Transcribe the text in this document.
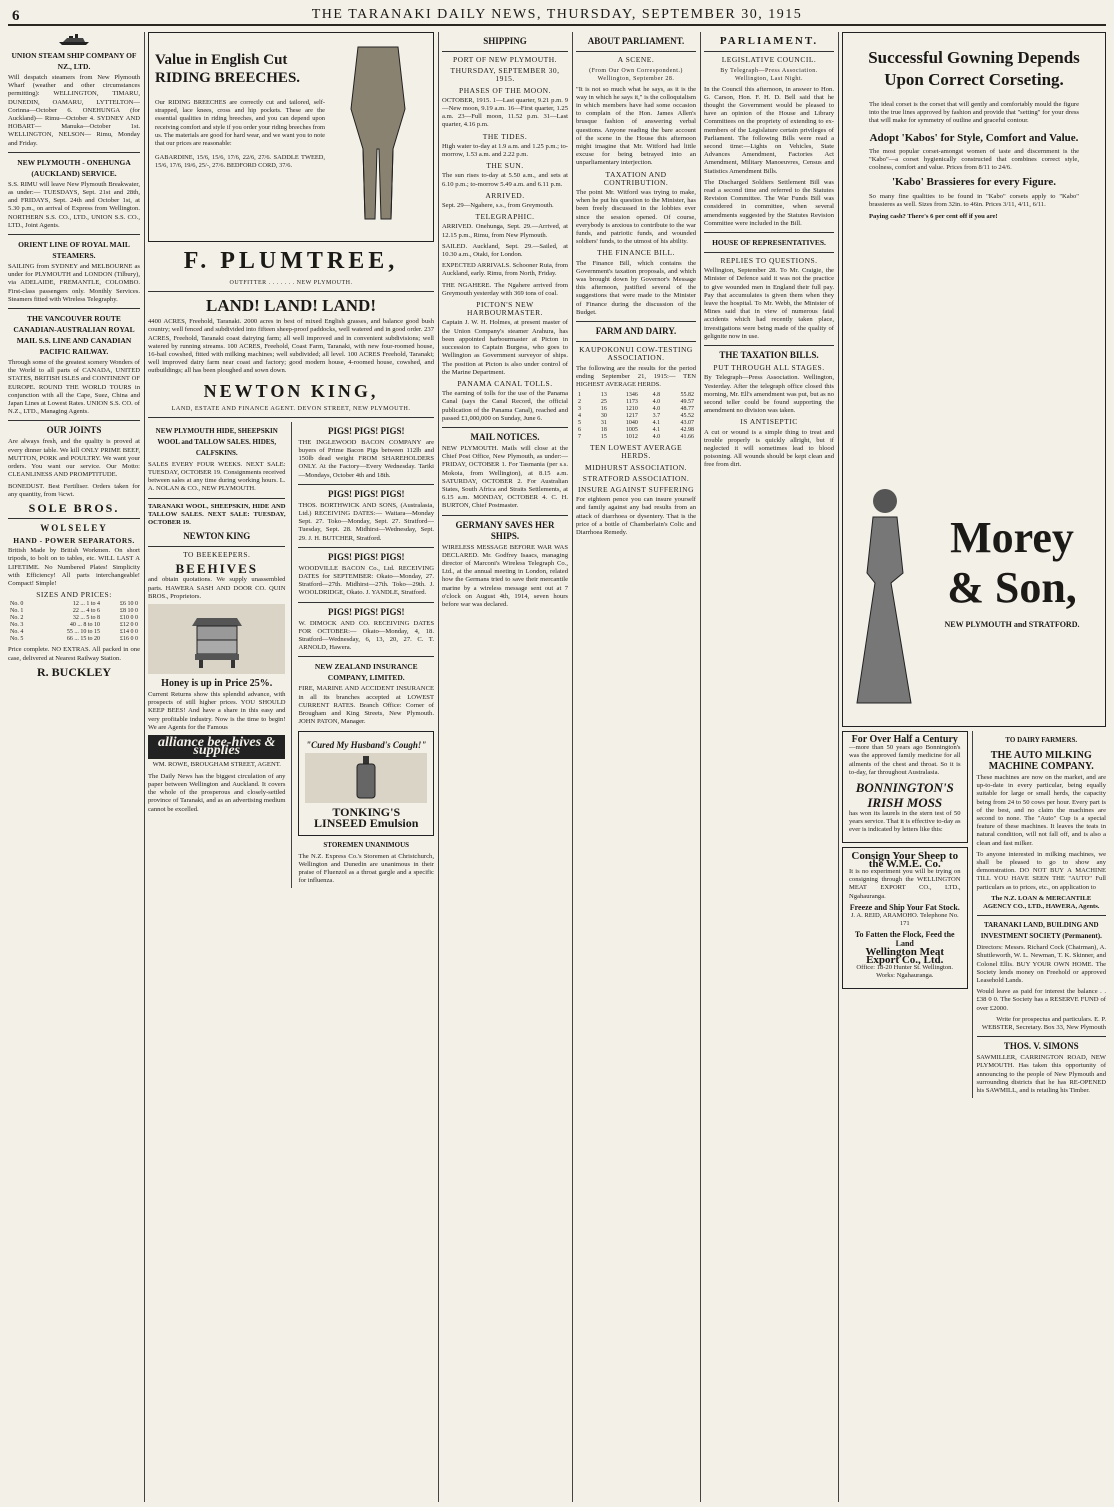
6	THE TARANAKI DAILY NEWS, THURSDAY, SEPTEMBER 30, 1915
UNION STEAM SHIP COMPANY OF NZ., LTD.

Will despatch steamers from New Plymouth Wharf (weather and other circumstances permitting): WELLINGTON, TIMARU, DUNEDIN, OAMARU, LYTTELTON— Corinna—October 6. ONEHUNGA (for Auckland)— Rimu—October 4. SYDNEY AND HOBART— Manuka—October 1st. WELLINGTON, NELSON— Rimu, Monday and Friday.

NEW PLYMOUTH - ONEHUNGA (AUCKLAND) SERVICE.

S.S. RIMU will leave New Plymouth Breakwater, as under:— TUESDAYS, Sept. 21st and 28th, and FRIDAYS, Sept. 24th and October 1st, at 5.30 p.m., on arrival of Express from Wellington. NORTHERN S.S. CO., LTD., UNION S.S. CO., LTD., Joint Agents.

ORIENT LINE OF ROYAL MAIL STEAMERS.

SAILING from SYDNEY and MELBOURNE as under for PLYMOUTH and LONDON (Tilbury), via ADELAIDE, FREMANTLE, COLOMBO. First-class passengers only. Monthly Services. Steamers fitted with Wireless Telegraphy.

THE VANCOUVER ROUTE CANADIAN-AUSTRALIAN ROYAL MAIL S.S. LINE AND CANADIAN PACIFIC RAILWAY.

Through some of the greatest scenery Wonders of the World to all parts of CANADA, UNITED STATES, BRITISH ISLES and CONTINENT OF EUROPE. ROUND THE WORLD TOURS in conjunction with all the Cape, Suez, China and Japan Lines at Lowest Rates. UNION S.S. CO. of N.Z., LTD., Managing Agents.

OUR JOINTS

Are always fresh, and the quality is proved at every dinner table. We kill ONLY PRIME BEEF, MUTTON, PORK and POULTRY. We want your orders. You want our service. Our Motto: CLEANLINESS AND PROMPTITUDE.

BONEDUST. Best Fertiliser. Orders taken for any quantity, from ¼cwt.

SOLE BROS.
WOLSELEY
HAND - POWER SEPARATORS.

British Made by British Workmen. On short tripods, to bolt on to tables, etc. WILL LAST A LIFETIME. No Numbered Plates! Simplicity with Efficiency! All parts interchangeable! Compact! Simple!

SIZES AND PRICES:
No. 0	12 ... 1 to 4	£6 10 0
No. 1	22 ... 4 to 6	£8 10 0
No. 2	32 ... 5 to 8	£10 0 0
No. 3	40 ... 8 to 10	£12 0 0
No. 4	55 ... 10 to 15	£14 0 0
No. 5	66 ... 15 to 20	£16 0 0

Price complete. NO EXTRAS. All packed in one case, delivered at Nearest Railway Station.

R. BUCKLEY
Value in English Cut RIDING BREECHES.

Our RIDING BREECHES are correctly cut and tailored, self-strapped, lace knees, cross and hip pockets. These are the essential qualities in riding breeches, and you can depend upon receiving comfort and style if you order your riding breeches from us. The materials are good for hard wear, and we want you to note that our prices are reasonable:

GABARDINE, 15/6, 15/6, 17/6, 22/6, 27/6. SADDLE TWEED, 15/6, 17/6, 19/6, 25/-, 27/6. BEDFORD CORD, 37/6.

F. PLUMTREE,
OUTFITTER . . . . . . . NEW PLYMOUTH.
LAND! LAND! LAND!

4400 ACRES, Freehold, Taranaki. 2000 acres in best of mixed English grasses, and balance good bush country; well fenced and subdivided into fifteen sheep-proof paddocks, well watered and in good order. 237 ACRES, Freehold, Taranaki coast dairying farm; all well improved and in convenient subdivisions; well watered by running streams. 100 ACRES, Freehold, Coast Farm, Taranaki, with new four-roomed house, 16-bail cowshed, fitted with milking machines; well subdivided; all level. 100 ACRES Freehold, Taranaki; well improved dairy farm near coast and factory; good modern house, 4-roomed house, cowshed, and outbuildings; all has been ploughed and sown down.

NEWTON KING,
LAND, ESTATE AND FINANCE AGENT. DEVON STREET, NEW PLYMOUTH.
NEW PLYMOUTH HIDE, SHEEPSKIN WOOL and TALLOW SALES. HIDES, CALFSKINS.

SALES EVERY FOUR WEEKS. NEXT SALE: TUESDAY, OCTOBER 19. Consignments received between sales at any time during working hours. L. A. NOLAN & CO., NEW PLYMOUTH.

TARANAKI WOOL, SHEEPSKIN, HIDE AND TALLOW SALES. NEXT SALE: TUESDAY, OCTOBER 19.

NEWTON KING
TO BEEKEEPERS.
BEEHIVES

and obtain quotations. We supply unassembled parts. HAWERA SASH AND DOOR CO. QUIN BROS., Proprietors.

Honey is up in Price 25%.

Current Returns show this splendid advance, with prospects of still higher prices. YOU SHOULD KEEP BEES! And have a share in this easy and very profitable industry. Now is the time to begin! We are Agents for the Famous

alliance bee-hives & supplies

WM. ROWE, BROUGHAM STREET, AGENT.

The Daily News has the biggest circulation of any paper between Wellington and Auckland. It covers the whole of the prosperous and closely-settled province of Taranaki, and as an advertising medium cannot be excelled.

PIGS! PIGS! PIGS!

THE INGLEWOOD BACON COMPANY are buyers of Prime Bacon Pigs between 112lb and 150lb dead weight FROM SHAREHOLDERS ONLY. At the Factory—Every Wednesday. Tariki—Mondays, October 4th and 18th.

PIGS! PIGS! PIGS!

THOS. BORTHWICK AND SONS, (Australasia, Ltd.) RECEIVING DATES:— Waitara—Monday Sept. 27. Toko—Monday, Sept. 27. Stratford—Tuesday, Sept. 28. Midhirst—Wednesday, Sept. 29. J. H. BUTCHER, Stratford.

PIGS! PIGS! PIGS!

WOODVILLE BACON Co., Ltd. RECEIVING DATES for SEPTEMBER: Okato—Monday, 27. Stratford—27th. Midhirst—27th. Toko—29th. J. WOOLDRIDGE, Okato. J. YANDLE, Stratford.

PIGS! PIGS! PIGS!

W. DIMOCK AND CO. RECEIVING DATES FOR OCTOBER:— Okato—Monday, 4, 18. Stratford—Wednesday, 6, 13, 20, 27. C. T. ARNOLD, Hawera.

NEW ZEALAND INSURANCE COMPANY, LIMITED.

FIRE, MARINE AND ACCIDENT INSURANCE in all its branches accepted at LOWEST CURRENT RATES. Branch Office: Corner of Brougham and King Streets, New Plymouth. JOHN PATON, Manager.

"Cured My Husband's Cough!"
TONKING'S LINSEED Emulsion
STOREMEN UNANIMOUS

The N.Z. Express Co.'s Storemen at Christchurch, Wellington and Dunedin are unanimous in their praise of Fluenzol as a throat gargle and a specific for influenza.

SHIPPING
PORT OF NEW PLYMOUTH.
THURSDAY, SEPTEMBER 30, 1915.
PHASES OF THE MOON.

OCTOBER, 1915. 1—Last quarter, 9.21 p.m. 9—New moon, 9.19 a.m. 16—First quarter, 1.25 a.m. 23—Full moon, 11.52 p.m. 31—Last quarter, 4.16 p.m.

THE TIDES.

High water to-day at 1.9 a.m. and 1.25 p.m.; to-morrow, 1.53 a.m. and 2.22 p.m.

THE SUN.

The sun rises to-day at 5.50 a.m., and sets at 6.10 p.m.; to-morrow 5.49 a.m. and 6.11 p.m.

ARRIVED.

Sept. 29—Ngahere, s.s., from Greymouth.

TELEGRAPHIC.

ARRIVED. Onehunga, Sept. 29.—Arrived, at 12.15 p.m., Rimu, from New Plymouth.

SAILED. Auckland, Sept. 29.—Sailed, at 10.30 a.m., Otaki, for London.

EXPECTED ARRIVALS. Schooner Ruia, from Auckland, early. Rimu, from North, Friday.

THE NGAHERE. The Ngahere arrived from Greymouth yesterday with 369 tons of coal.

PICTON'S NEW HARBOURMASTER.

Captain J. W. H. Holmes, at present master of the Union Company's steamer Arahura, has been appointed harbourmaster at Picton in succession to Captain Burgess, who goes to Wellington as Government surveyor of ships. The position at Picton is also under control of the Marine Department.

PANAMA CANAL TOLLS.

The earning of tolls for the use of the Panama Canal (says the Canal Record, the official publication of the Panama Canal), reached and passed £1,000,000 on Sunday, June 6.

MAIL NOTICES.

NEW PLYMOUTH. Mails will close at the Chief Post Office, New Plymouth, as under:— FRIDAY, OCTOBER 1. For Tasmania (per s.s. Mokoia, from Wellington), at 8.15 a.m. SATURDAY, OCTOBER 2. For Australian States, South Africa and Straits Settlements, at 6.15 a.m. MONDAY, OCTOBER 4. C. H. BURTON, Chief Postmaster.

GERMANY SAVES HER SHIPS.

WIRELESS MESSAGE BEFORE WAR WAS DECLARED. Mr. Godfrey Isaacs, managing director of Marconi's Wireless Telegraph Co., Ltd., at the annual meeting in London, related how the Germans tried to save their mercantile marine by a wireless message sent out at 7 o'clock on August 4th, 1914, seven hours before war was declared.

ABOUT PARLIAMENT.
A SCENE.
(From Our Own Correspondent.) Wellington, September 28.

"It is not so much what he says, as it is the way in which he says it," is the colloquialism in which members have had some occasion to complain of the Hon. James Allen's brusque fashion of answering verbal questions. Anyone reading the bare account of the scene in the House this afternoon might imagine that Mr. Witford had little excuse for being betrayed into an unparliamentary interjection.

TAXATION AND CONTRIBUTION.

The point Mr. Witford was trying to make, when he put his question to the Minister, has been freely discussed in the lobbies ever since the session opened. Of course, everybody is anxious to contribute to the war funds, and patriotic funds, and wounded soldiers' funds, to the utmost of his ability.

THE FINANCE BILL.

The Finance Bill, which contains the Government's taxation proposals, and which was brought down by Governor's Message this afternoon, justified several of the suggestions that were made to the Minister of Finance during the discussion of the Budget.

FARM AND DAIRY.
KAUPOKONUI COW-TESTING ASSOCIATION.

The following are the results for the period ending September 21, 1915:— TEN HIGHEST AVERAGE HERDS.

1	13	1346	4.8	55.82
2	25	1173	4.0	49.57
3	16	1210	4.0	48.77
4	30	1217	3.7	45.52
5	31	1040	4.1	43.07
6	18	1005	4.1	42.98
7	15	1012	4.0	41.66
TEN LOWEST AVERAGE HERDS.
MIDHURST ASSOCIATION.
STRATFORD ASSOCIATION.
INSURE AGAINST SUFFERING

For eighteen pence you can insure yourself and family against any bad results from an attack of diarrhoea or dysentery. That is the price of a bottle of Chamberlain's Colic and Diarrhoea Remedy.

PARLIAMENT.
LEGISLATIVE COUNCIL.
By Telegraph—Press Association. Wellington, Last Night.

In the Council this afternoon, in answer to Hon. G. Carson, Hon. F. H. D. Bell said that he thought the Government would be pleased to have an opinion of the House and Library Committees on the propriety of extending to ex-members of the Legislature certain privileges of Parliament. The following Bills were read a second time:—Lights on Vehicles, State Advances Amendment, Factories Act Amendment, Military Manoeuvres, Census and Statistics Amendment Bills.

The Discharged Soldiers Settlement Bill was read a second time and referred to the Statutes Revision Committee. The War Funds Bill was considered in committee, when several amendments suggested by the Statutes Revision Committee were included in the Bill.

HOUSE OF REPRESENTATIVES.
REPLIES TO QUESTIONS.

Wellington, September 28. To Mr. Craigie, the Minister of Defence said it was not the practice to give wounded men in England their full pay. Pay that accumulates is given them when they leave the hospital. To Mr. Webb, the Minister of Mines said that in view of numerous fatal accidents which had recently taken place, investigations were being made of the quality of gelignite now in use.

THE TAXATION BILLS.
PUT THROUGH ALL STAGES.

By Telegraph—Press Association. Wellington, Yesterday. After the telegraph office closed this morning, Mr. Ell's amendment was put, but as no second teller could be found supporting the amendment no division was taken.

IS ANTISEPTIC

A cut or wound is a simple thing to treat and trouble properly is quickly allright, but if neglected it will sometimes lead to blood poisoning. All wounds should be kept clean and free from dirt.

Successful Gowning Depends Upon Correct Corseting.

The ideal corset is the corset that will gently and comfortably mould the figure into the true lines approved by fashion and provide that "setting" for your dress that will make for symmetry of outline and graceful contour.

Adopt 'Kabos' for Style, Comfort and Value.

The most popular corset-amongst women of taste and discernment is the "Kabo"—a corset hygienically constructed that combines correct style, coolness, comfort and value. Prices from 8/11 to 24/6.

'Kabo' Brassieres for every Figure.

So many fine qualities to be found in "Kabo" corsets apply to "Kabo" brassieres as well. Sizes from 32in. to 46in. Prices 3/11, 4/11, 6/11.

Paying cash? There's 6 per cent off if you are!

Morey & Son,
NEW PLYMOUTH and STRATFORD.
For Over Half a Century

—more than 50 years ago Bonnington's was the approved family medicine for all ailments of the chest and throat. So it is to-day, far throughout Australasia.

BONNINGTON'S IRISH MOSS

has won its laurels in the stern test of 50 years service. That it is effective to-day as ever is indicated by letters like this:

Consign Your Sheep to the W.M.E. Co.

It is no experiment you will be trying on consigning through the WELLINGTON MEAT EXPORT CO., LTD., Ngahauranga.

Freeze and Ship Your Fat Stock.

J. A. REID, ARAMOHO. Telephone No. 171

To Fatten the Flock, Feed the Land
Wellington Meat Export Co., Ltd.

Office: 18-20 Hunter St. Wellington. Works: Ngahauranga.

TO DAIRY FARMERS.
THE AUTO MILKING MACHINE COMPANY.

These machines are now on the market, and are up-to-date in every particular, being equally suitable for large or small herds, the capacity being from 24 to 50 cows per hour. Every part is of the best, and no claim the machines are second to none. The "Auto" Cup is a special feature of these machines. It leaves the teats in natural condition, will not fall off, and is also a clean and fast milker.

To anyone interested in milking machines, we shall be pleased to go to show any demonstration. DO NOT BUY A MACHINE TILL YOU HAVE SEEN THE "AUTO" Full particulars as to prices, etc., on application to

The N.Z. LOAN & MERCANTILE AGENCY CO., LTD., HAWERA, Agents.

TARANAKI LAND, BUILDING AND INVESTMENT SOCIETY (Permanent).

Directors: Messrs. Richard Cock (Chairman), A. Shuttleworth, W. L. Newman, T. K. Skinner, and Colonel Ellis. BUY YOUR OWN HOME. The Society lends money on Freehold or approved Leasehold Lands.

Would leave as paid for interest the balance . . £38 0 0. The Society has a RESERVE FUND of over £2000.

Write for prospectus and particulars. E. P. WEBSTER, Secretary. Box 33, New Plymouth

THOS. V. SIMONS

SAWMILLER, CARRINGTON ROAD, NEW PLYMOUTH. Has taken this opportunity of announcing to the people of New Plymouth and surrounding districts that he has RE-OPENED his SAWMILL, and is retailing his Timber.
